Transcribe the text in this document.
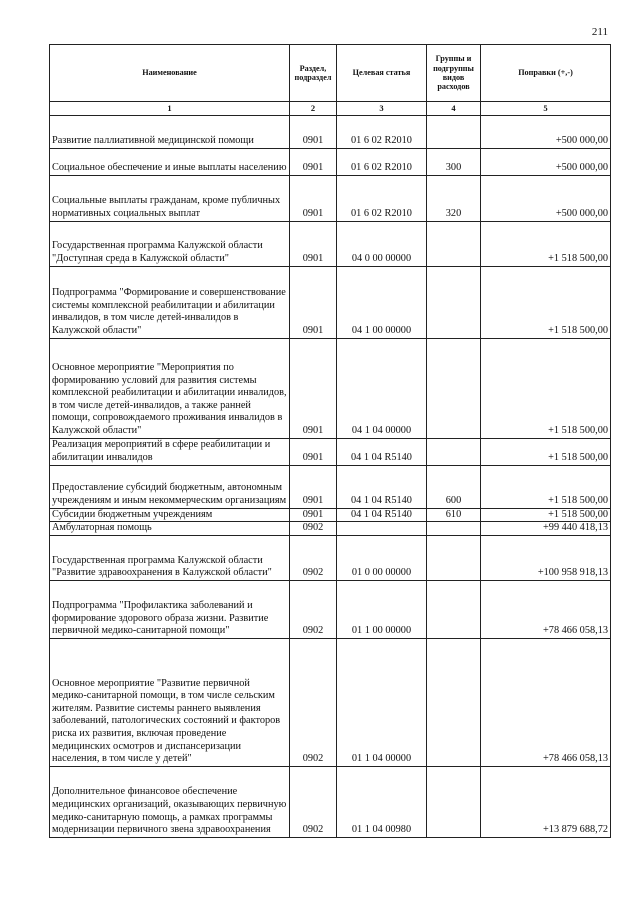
211
Наименование	Раздел, подраздел	Целевая статья	Группы и подгруппы видов расходов	Поправки (+,-)
1	2	3	4	5
Развитие паллиативной медицинской помощи	0901	01 6 02 R2010		+500 000,00
Социальное обеспечение и иные выплаты населению	0901	01 6 02 R2010	300	+500 000,00
Социальные выплаты гражданам, кроме публичных нормативных социальных выплат	0901	01 6 02 R2010	320	+500 000,00
Государственная программа Калужской области "Доступная среда в Калужской области"	0901	04 0 00 00000		+1 518 500,00
Подпрограмма "Формирование и совершенствование системы комплексной реабилитации и абилитации инвалидов, в том числе детей-инвалидов в Калужской области"	0901	04 1 00 00000		+1 518 500,00
Основное мероприятие "Мероприятия по формированию условий для развития системы комплексной реабилитации и абилитации инвалидов, в том числе детей-инвалидов, а также ранней помощи, сопровождаемого проживания инвалидов в Калужской области"	0901	04 1 04 00000		+1 518 500,00
Реализация мероприятий в сфере реабилитации и абилитации инвалидов	0901	04 1 04 R5140		+1 518 500,00
Предоставление субсидий бюджетным, автономным учреждениям и иным некоммерческим организациям	0901	04 1 04 R5140	600	+1 518 500,00
Субсидии бюджетным учреждениям	0901	04 1 04 R5140	610	+1 518 500,00
Амбулаторная помощь	0902			+99 440 418,13
Государственная программа Калужской области "Развитие здравоохранения в Калужской области"	0902	01 0 00 00000		+100 958 918,13
Подпрограмма "Профилактика заболеваний и формирование здорового образа жизни. Развитие первичной медико-санитарной помощи"	0902	01 1 00 00000		+78 466 058,13
Основное мероприятие "Развитие первичной медико-санитарной помощи, в том числе сельским жителям. Развитие системы раннего выявления заболеваний, патологических состояний и факторов риска их развития, включая проведение медицинских осмотров и диспансеризации населения, в том числе у детей"	0902	01 1 04 00000		+78 466 058,13
Дополнительное финансовое обеспечение медицинских организаций, оказывающих первичную медико-санитарную помощь, а рамках программы модернизации первичного звена здравоохранения	0902	01 1 04 00980		+13 879 688,72
